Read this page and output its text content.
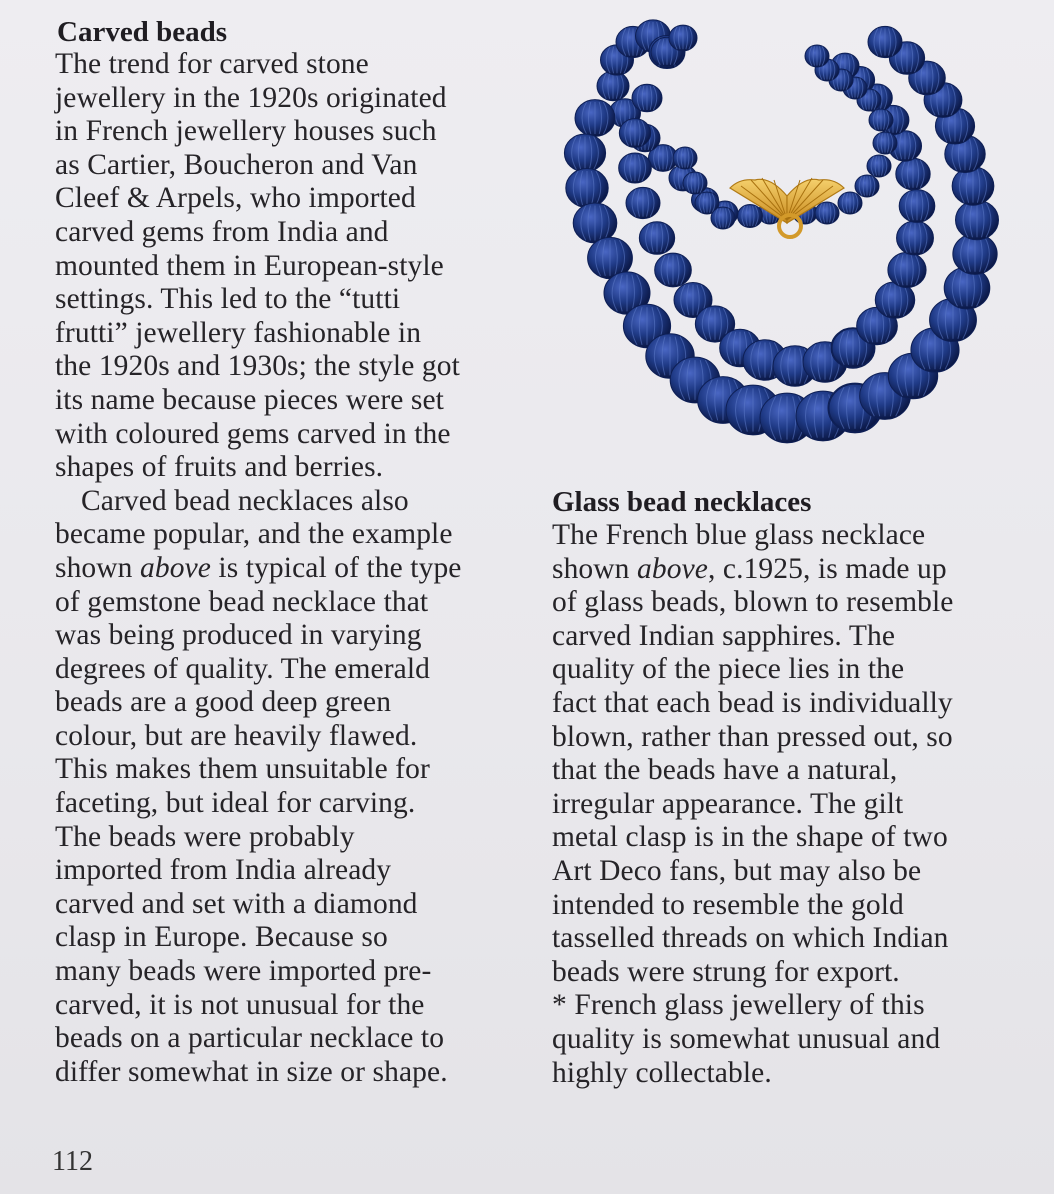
Carved beads
The trend for carved stone
jewellery in the 1920s originated
in French jewellery houses such
as Cartier, Boucheron and Van
Cleef & Arpels, who imported
carved gems from India and
mounted them in European-style
settings. This led to the “tutti
frutti” jewellery fashionable in
the 1920s and 1930s; the style got
its name because pieces were set
with coloured gems carved in the
shapes of fruits and berries.
Carved bead necklaces also
became popular, and the example
shown above is typical of the type
of gemstone bead necklace that
was being produced in varying
degrees of quality. The emerald
beads are a good deep green
colour, but are heavily flawed.
This makes them unsuitable for
faceting, but ideal for carving.
The beads were probably
imported from India already
carved and set with a diamond
clasp in Europe. Because so
many beads were imported pre-
carved, it is not unusual for the
beads on a particular necklace to
differ somewhat in size or shape.
Glass bead necklaces
The French blue glass necklace
shown above, c.1925, is made up
of glass beads, blown to resemble
carved Indian sapphires. The
quality of the piece lies in the
fact that each bead is individually
blown, rather than pressed out, so
that the beads have a natural,
irregular appearance. The gilt
metal clasp is in the shape of two
Art Deco fans, but may also be
intended to resemble the gold
tasselled threads on which Indian
beads were strung for export.
* French glass jewellery of this
quality is somewhat unusual and
highly collectable.
112
